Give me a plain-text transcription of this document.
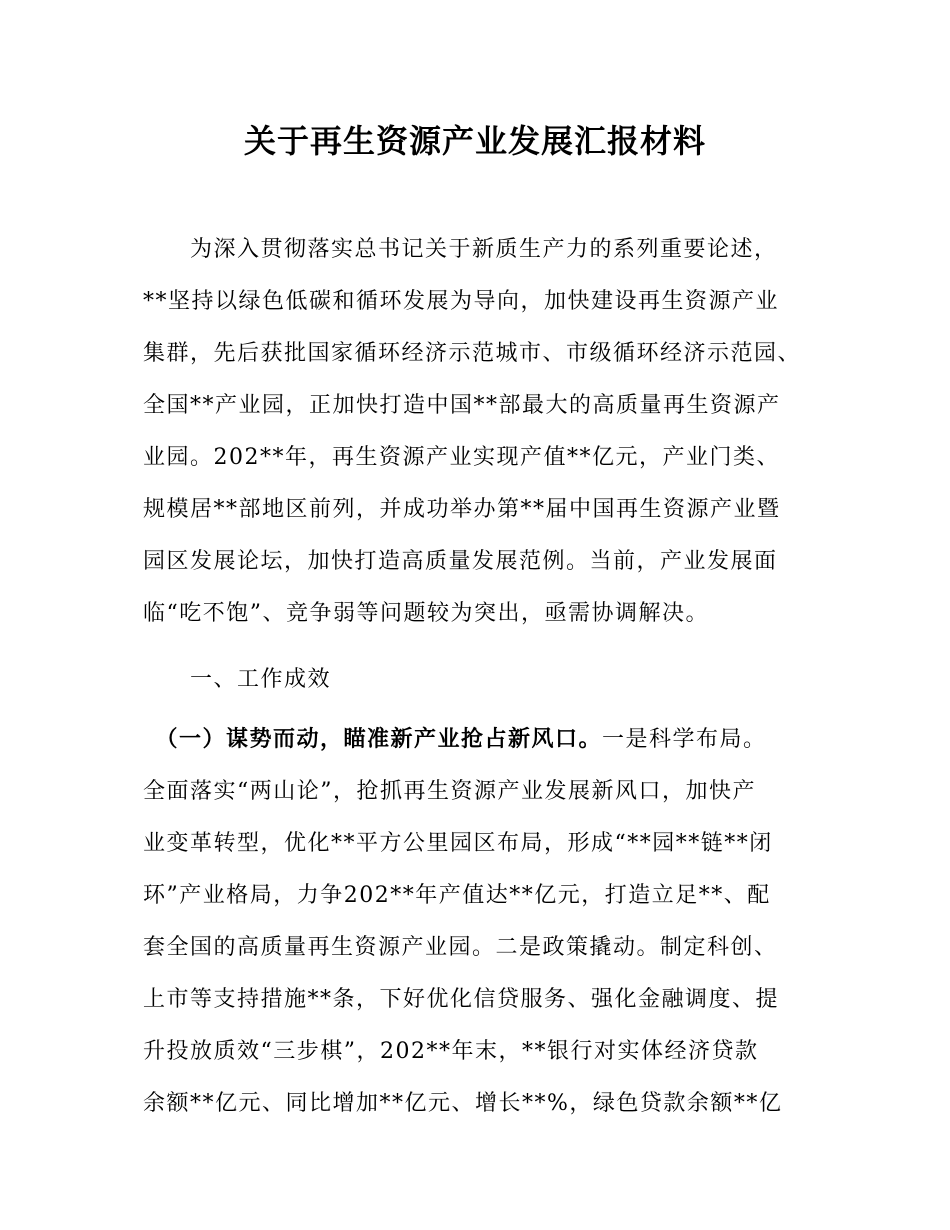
关于再生资源产业发展汇报材料
　　为深入贯彻落实总书记关于新质生产力的系列重要论述，
**坚持以绿色低碳和循环发展为导向，加快建设再生资源产业
集群，先后获批国家循环经济示范城市、市级循环经济示范园、
全国**产业园，正加快打造中国**部最大的高质量再生资源产
业园。202**年，再生资源产业实现产值**亿元，产业门类、
规模居**部地区前列，并成功举办第**届中国再生资源产业暨
园区发展论坛，加快打造高质量发展范例。当前，产业发展面
临“吃不饱”、竞争弱等问题较为突出，亟需协调解决。
　　一、工作成效
　（一）谋势而动，瞄准新产业抢占新风口。一是科学布局。
全面落实“两山论”，抢抓再生资源产业发展新风口，加快产
业变革转型，优化**平方公里园区布局，形成“**园**链**闭
环”产业格局，力争202**年产值达**亿元，打造立足**、配
套全国的高质量再生资源产业园。二是政策撬动。制定科创、
上市等支持措施**条，下好优化信贷服务、强化金融调度、提
升投放质效“三步棋”，202**年末，**银行对实体经济贷款
余额**亿元、同比增加**亿元、增长**%，绿色贷款余额**亿
